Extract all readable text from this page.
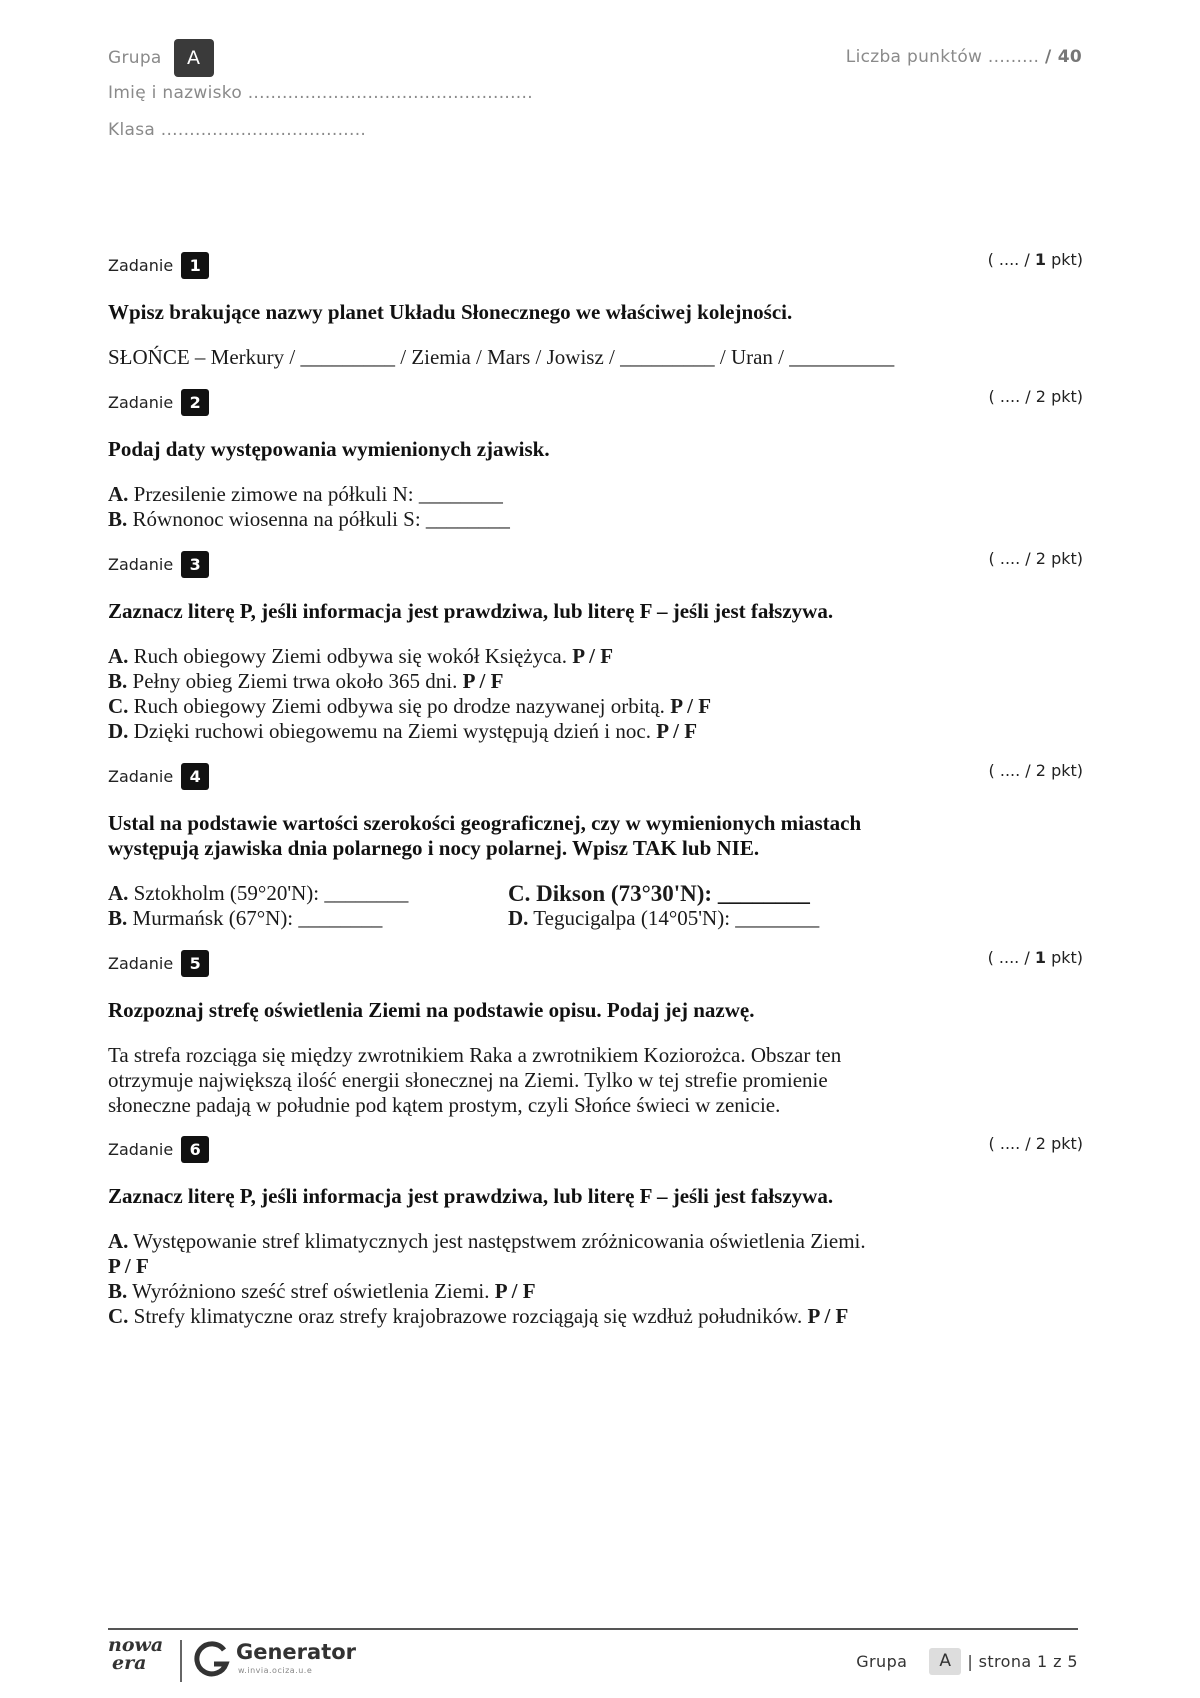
Grupa	A
Imię i nazwisko ..................................................
Klasa ....................................
Liczba punktów ......... / 40
Zadanie	1	( .... / 1 pkt)
Wpisz brakujące nazwy planet Układu Słonecznego we właściwej kolejności.
SŁOŃCE – Merkury / _________ / Ziemia / Mars / Jowisz / _________ / Uran / __________
Zadanie	2	( .... / 2 pkt)
Podaj daty występowania wymienionych zjawisk.
A. Przesilenie zimowe na półkuli N: ________
B. Równonoc wiosenna na półkuli S: ________
Zadanie	3	( .... / 2 pkt)
Zaznacz literę P, jeśli informacja jest prawdziwa, lub literę F – jeśli jest fałszywa.
A. Ruch obiegowy Ziemi odbywa się wokół Księżyca. P / F
B. Pełny obieg Ziemi trwa około 365 dni. P / F
C. Ruch obiegowy Ziemi odbywa się po drodze nazywanej orbitą. P / F
D. Dzięki ruchowi obiegowemu na Ziemi występują dzień i noc. P / F
Zadanie	4	( .... / 2 pkt)
Ustal na podstawie wartości szerokości geograficznej, czy w wymienionych miastach
występują zjawiska dnia polarnego i nocy polarnej. Wpisz TAK lub NIE.
A. Sztokholm (59°20'N): ________
B. Murmańsk (67°N): ________
C. Dikson (73°30'N): ________
D. Tegucigalpa (14°05'N): ________
Zadanie	5	( .... / 1 pkt)
Rozpoznaj strefę oświetlenia Ziemi na podstawie opisu. Podaj jej nazwę.
Ta strefa rozciąga się między zwrotnikiem Raka a zwrotnikiem Koziorożca. Obszar ten
otrzymuje największą ilość energii słonecznej na Ziemi. Tylko w tej strefie promienie
słoneczne padają w południe pod kątem prostym, czyli Słońce świeci w zenicie.
Zadanie	6	( .... / 2 pkt)
Zaznacz literę P, jeśli informacja jest prawdziwa, lub literę F – jeśli jest fałszywa.
A. Występowanie stref klimatycznych jest następstwem zróżnicowania oświetlenia Ziemi.
P / F
B. Wyróżniono sześć stref oświetlenia Ziemi. P / F
C. Strefy klimatyczne oraz strefy krajobrazowe rozciągają się wzdłuż południków. P / F
nowa
era	Generator
w.invia.ociza.u.e	Grupa	A | strona 1 z 5
